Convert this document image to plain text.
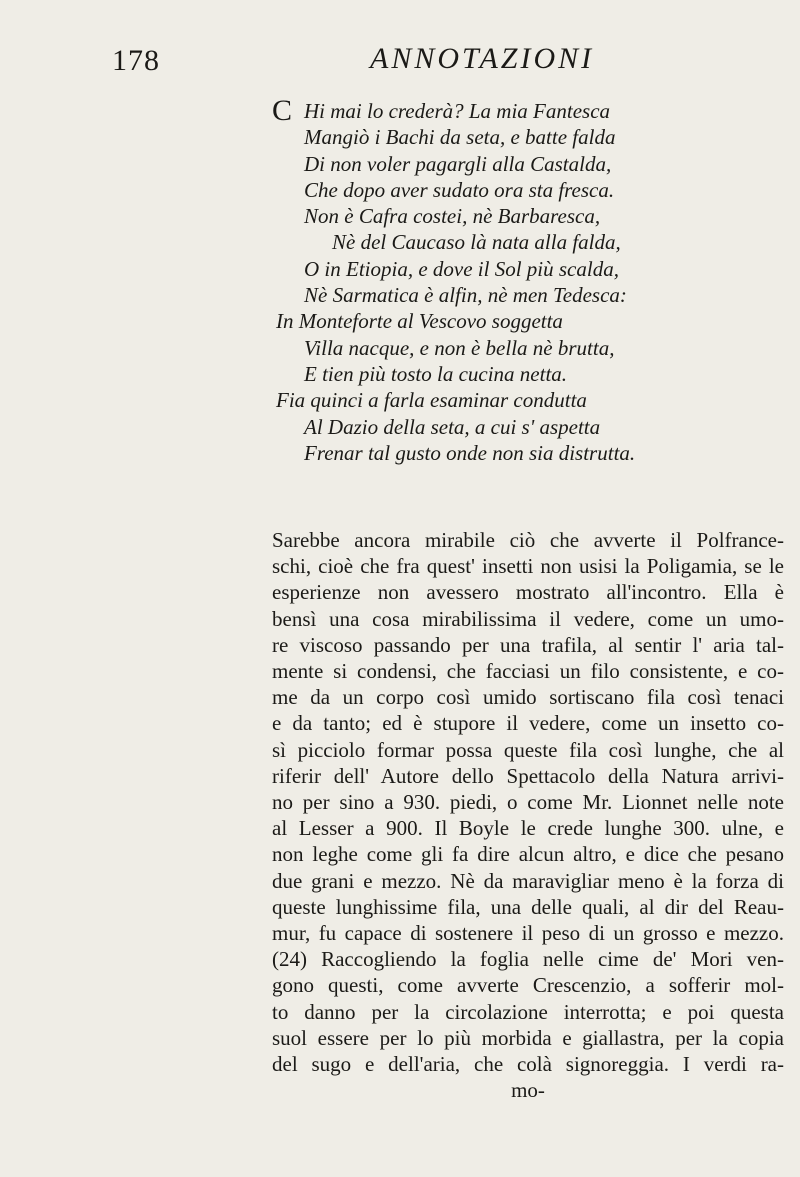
178	ANNOTAZIONI
C Hi mai lo crederà? La mia Fantesca
Mangiò i Bachi da seta, e batte falda
Di non voler pagargli alla Castalda,
Che dopo aver sudato ora sta fresca.
Non è Cafra costei, nè Barbaresca,
Nè del Caucaso là nata alla falda,
O in Etiopia, e dove il Sol più scalda,
Nè Sarmatica è alfin, nè men Tedesca:
In Monteforte al Vescovo soggetta
Villa nacque, e non è bella nè brutta,
E tien più tosto la cucina netta.
Fia quinci a farla esaminar condutta
Al Dazio della seta, a cui s' aspetta
Frenar tal gusto onde non sia distrutta.
Sarebbe ancora mirabile ciò che avverte il Polfrance-
schi, cioè che fra quest' insetti non usisi la Poligamia, se le
esperienze non avessero mostrato all'incontro. Ella è
bensì una cosa mirabilissima il vedere, come un umo-
re viscoso passando per una trafila, al sentir l' aria tal-
mente si condensi, che facciasi un filo consistente, e co-
me da un corpo così umido sortiscano fila così tenaci
e da tanto; ed è stupore il vedere, come un insetto co-
sì picciolo formar possa queste fila così lunghe, che al
riferir dell' Autore dello Spettacolo della Natura arrivi-
no per sino a 930. piedi, o come Mr. Lionnet nelle note
al Lesser a 900. Il Boyle le crede lunghe 300. ulne, e
non leghe come gli fa dire alcun altro, e dice che pesano
due grani e mezzo. Nè da maravigliar meno è la forza di
queste lunghissime fila, una delle quali, al dir del Reau-
mur, fu capace di sostenere il peso di un grosso e mezzo.
(24) Raccogliendo la foglia nelle cime de' Mori ven-
gono questi, come avverte Crescenzio, a sofferir mol-
to danno per la circolazione interrotta; e poi questa
suol essere per lo più morbida e giallastra, per la copia
del sugo e dell'aria, che colà signoreggia. I verdi ra-
mo-
